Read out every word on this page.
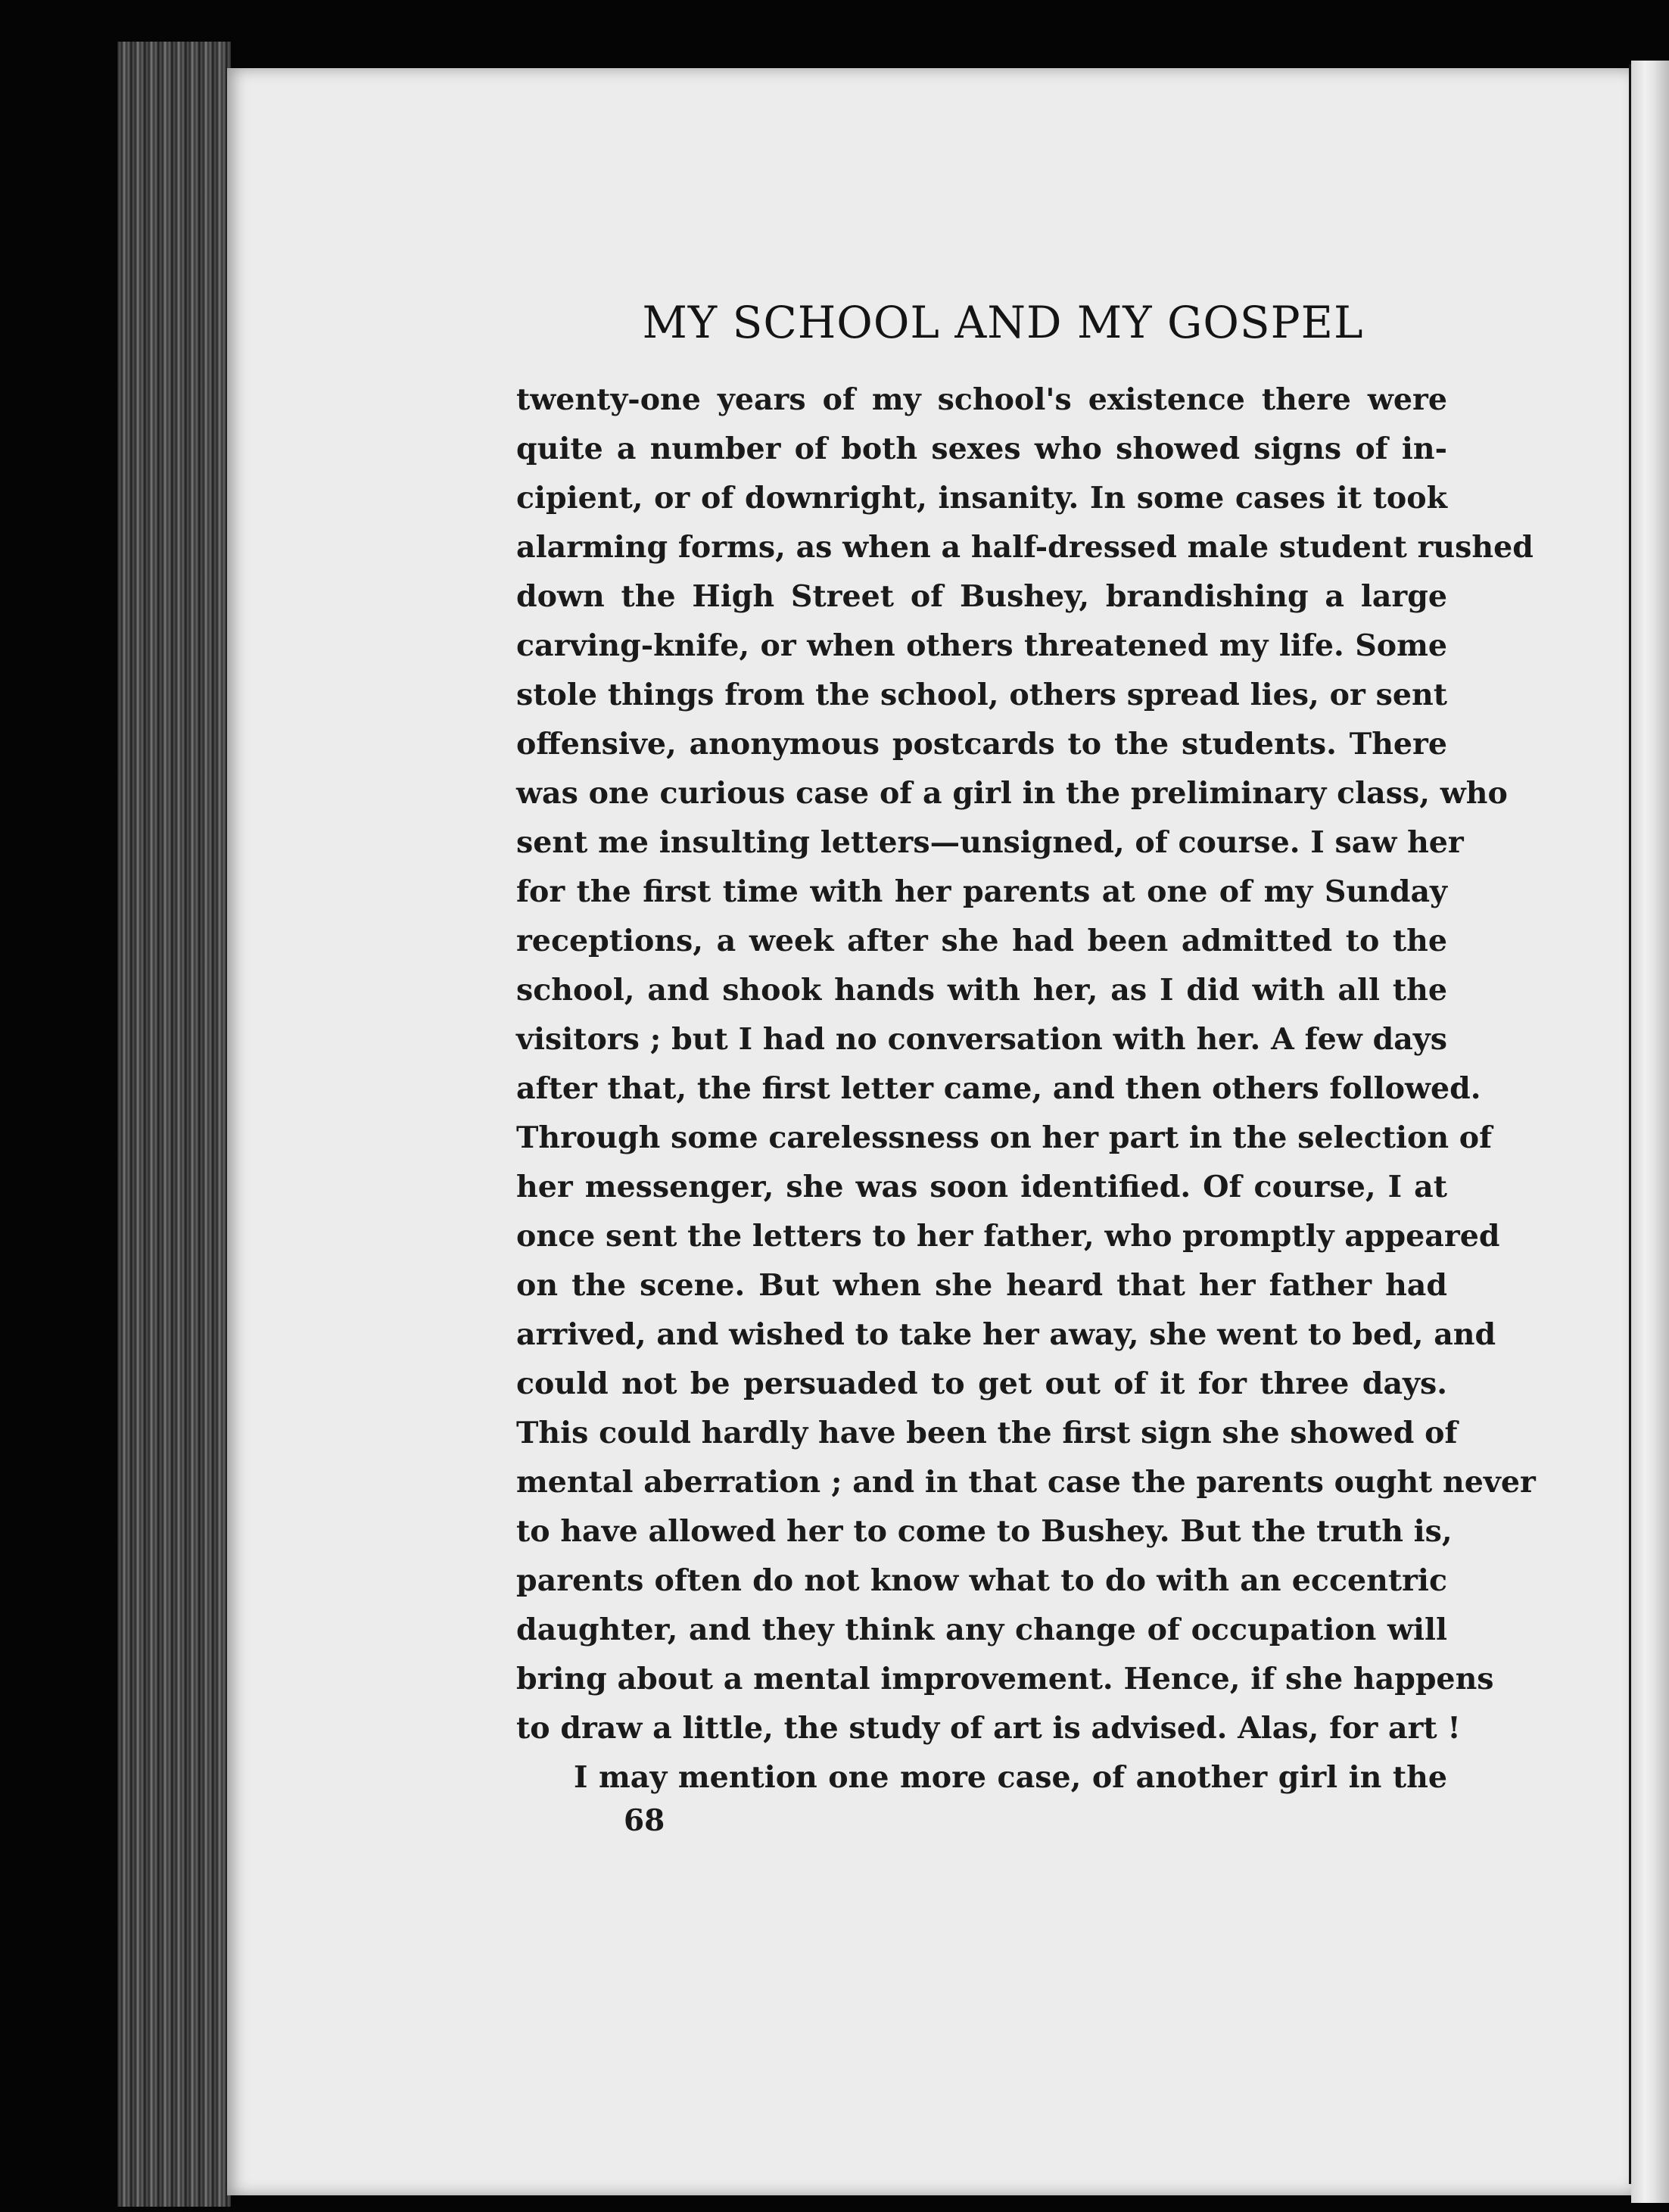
MY SCHOOL AND MY GOSPEL
twenty-one years of my school's existence there were
quite a number of both sexes who showed signs of in-
cipient, or of downright, insanity. In some cases it took
alarming forms, as when a half-dressed male student rushed
down the High Street of Bushey, brandishing a large
carving-knife, or when others threatened my life. Some
stole things from the school, others spread lies, or sent
offensive, anonymous postcards to the students. There
was one curious case of a girl in the preliminary class, who
sent me insulting letters—unsigned, of course. I saw her
for the first time with her parents at one of my Sunday
receptions, a week after she had been admitted to the
school, and shook hands with her, as I did with all the
visitors ; but I had no conversation with her. A few days
after that, the first letter came, and then others followed.
Through some carelessness on her part in the selection of
her messenger, she was soon identified. Of course, I at
once sent the letters to her father, who promptly appeared
on the scene. But when she heard that her father had
arrived, and wished to take her away, she went to bed, and
could not be persuaded to get out of it for three days.
This could hardly have been the first sign she showed of
mental aberration ; and in that case the parents ought never
to have allowed her to come to Bushey. But the truth is,
parents often do not know what to do with an eccentric
daughter, and they think any change of occupation will
bring about a mental improvement. Hence, if she happens
to draw a little, the study of art is advised. Alas, for art !
I may mention one more case, of another girl in the
68
